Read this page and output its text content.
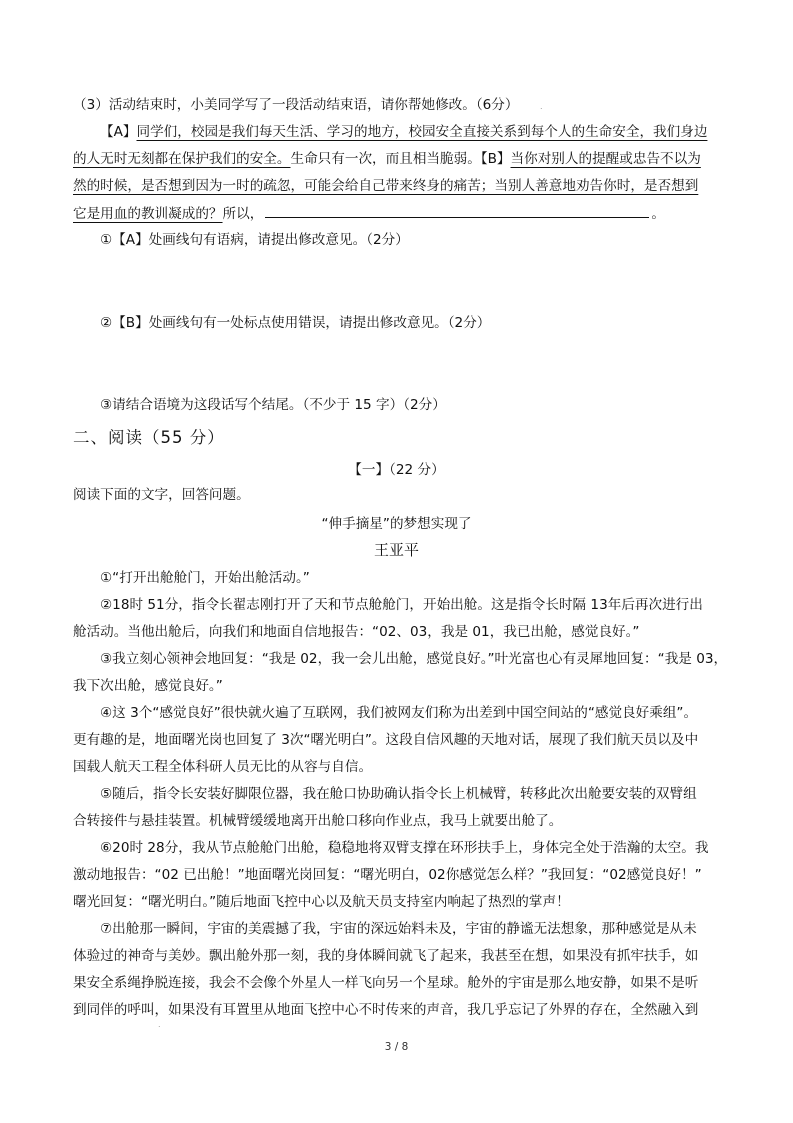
（3）活动结束时，小美同学写了一段活动结束语，请你帮她修改。（6分）	.
【A】同学们，校园是我们每天生活、学习的地方，校园安全直接关系到每个人的生命安全，我们身边
的人无时无刻都在保护我们的安全。生命只有一次，而且相当脆弱。【B】当你对别人的提醒或忠告不以为
然的时候，是否想到因为一时的疏忽，可能会给自己带来终身的痛苦；当别人善意地劝告你时，是否想到
它是用血的教训凝成的？所以，	。
①【A】处画线句有语病，请提出修改意见。（2分）
②【B】处画线句有一处标点使用错误，请提出修改意见。（2分）
③请结合语境为这段话写个结尾。（不少于 15 字）（2分）
二、阅读（55 分）
【一】（22 分）
阅读下面的文字，回答问题。
“伸手摘星”的梦想实现了
王亚平
①“打开出舱舱门，开始出舱活动。”
②18时 51分，指令长翟志刚打开了天和节点舱舱门，开始出舱。这是指令长时隔 13年后再次进行出
舱活动。当他出舱后，向我们和地面自信地报告：“02、03，我是 01，我已出舱，感觉良好。”
③我立刻心领神会地回复：“我是 02，我一会儿出舱，感觉良好。”叶光富也心有灵犀地回复：“我是 03，
我下次出舱，感觉良好。”
④这 3个“感觉良好”很快就火遍了互联网，我们被网友们称为出差到中国空间站的“感觉良好乘组”。
更有趣的是，地面曙光岗也回复了 3次“曙光明白”。这段自信风趣的天地对话，展现了我们航天员以及中
国载人航天工程全体科研人员无比的从容与自信。
⑤随后，指令长安装好脚限位器，我在舱口协助确认指令长上机械臂，转移此次出舱要安装的双臂组
合转接件与悬挂装置。机械臂缓缓地离开出舱口移向作业点，我马上就要出舱了。
⑥20时 28分，我从节点舱舱门出舱，稳稳地将双臂支撑在环形扶手上，身体完全处于浩瀚的太空。我
激动地报告：“02 已出舱！”地面曙光岗回复：“曙光明白，02你感觉怎么样？”我回复：“02感觉良好！”
曙光回复：“曙光明白。”随后地面飞控中心以及航天员支持室内响起了热烈的掌声！
⑦出舱那一瞬间，宇宙的美震撼了我，宇宙的深远始料未及，宇宙的静谧无法想象，那种感觉是从未
体验过的神奇与美妙。飘出舱外那一刻，我的身体瞬间就飞了起来，我甚至在想，如果没有抓牢扶手，如
果安全系绳挣脱连接，我会不会像个外星人一样飞向另一个星球。舱外的宇宙是那么地安静，如果不是听
到同伴的呼叫，如果没有耳置里从地面飞控中心不时传来的声音，我几乎忘记了外界的存在，全然融入到
.
3 / 8
